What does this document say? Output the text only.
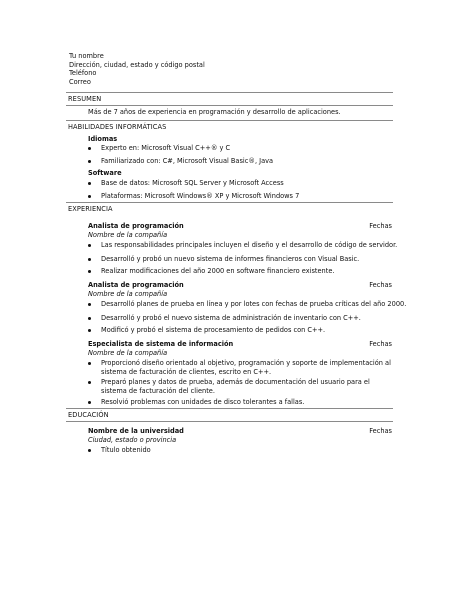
Tu nombre
Dirección, ciudad, estado y código postal
Teléfono
Correo
RESUMEN
Más de 7 años de experiencia en programación y desarrollo de aplicaciones.
HABILIDADES INFORMÁTICAS
Idiomas
Experto en: Microsoft Visual C++® y C
Familiarizado con: C#, Microsoft Visual Basic®, Java
Software
Base de datos: Microsoft SQL Server y Microsoft Access
Plataformas: Microsoft Windows® XP y Microsoft Windows 7
EXPERIENCIA
Analista de programación	Fechas
Nombre de la compañía
Las responsabilidades principales incluyen el diseño y el desarrollo de código de servidor.
Desarrolló y probó un nuevo sistema de informes financieros con Visual Basic.
Realizar modificaciones del año 2000 en software financiero existente.
Analista de programación	Fechas
Nombre de la compañía
Desarrolló planes de prueba en línea y por lotes con fechas de prueba críticas del año 2000.
Desarrolló y probó el nuevo sistema de administración de inventario con C++.
Modificó y probó el sistema de procesamiento de pedidos con C++.
Especialista de sistema de información	Fechas
Nombre de la compañía
Proporcionó diseño orientado al objetivo, programación y soporte de implementación al sistema de facturación de clientes, escrito en C++.
Preparó planes y datos de prueba, además de documentación del usuario para el sistema de facturación del cliente.
Resolvió problemas con unidades de disco tolerantes a fallas.
EDUCACIÓN
Nombre de la universidad	Fechas
Ciudad, estado o provincia
Título obtenido
